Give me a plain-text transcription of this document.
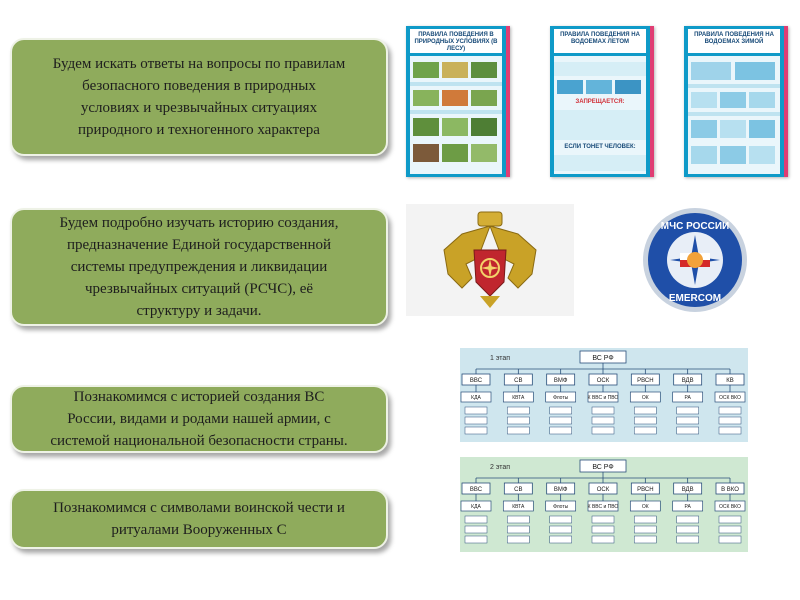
Будем искать ответы на вопросы по правилам
безопасного поведения в природных
условиях и чрезвычайных ситуациях
природного и техногенного характера
Будем подробно изучать историю создания,
предназначение Единой государственной
системы предупреждения и ликвидации
чрезвычайных ситуаций (РСЧС), её
структуру и задачи.
Познакомимся с историей создания ВС
России, видами и родами нашей армии, с
системой национальной безопасности страны.
Познакомимся с символами воинской чести и
ритуалами Вооруженных С
ПРАВИЛА ПОВЕДЕНИЯ В ПРИРОДНЫХ УСЛОВИЯХ (В ЛЕСУ)
ПРАВИЛА ПОВЕДЕНИЯ НА ВОДОЕМАХ ЛЕТОМ
ЗАПРЕЩАЕТСЯ:
ЕСЛИ ТОНЕТ ЧЕЛОВЕК:
ПРАВИЛА ПОВЕДЕНИЯ НА ВОДОЕМАХ ЗИМОЙ
МЧС РОССИИ
EMERCOM
1 этап	ВС РФ
ВВС
КДА
СВ
КВТА
ВМФ
Флоты
ОСК
К ВВС и ПВО
РВСН
ОК
ВДВ
РА
КВ
ОСК ВКО
2 этап	ВС РФ
ВВС
КДА
СВ
КВТА
ВМФ
Флоты
ОСК
К ВВС и ПВО
РВСН
ОК
ВДВ
РА
В ВКО
ОСК ВКО
